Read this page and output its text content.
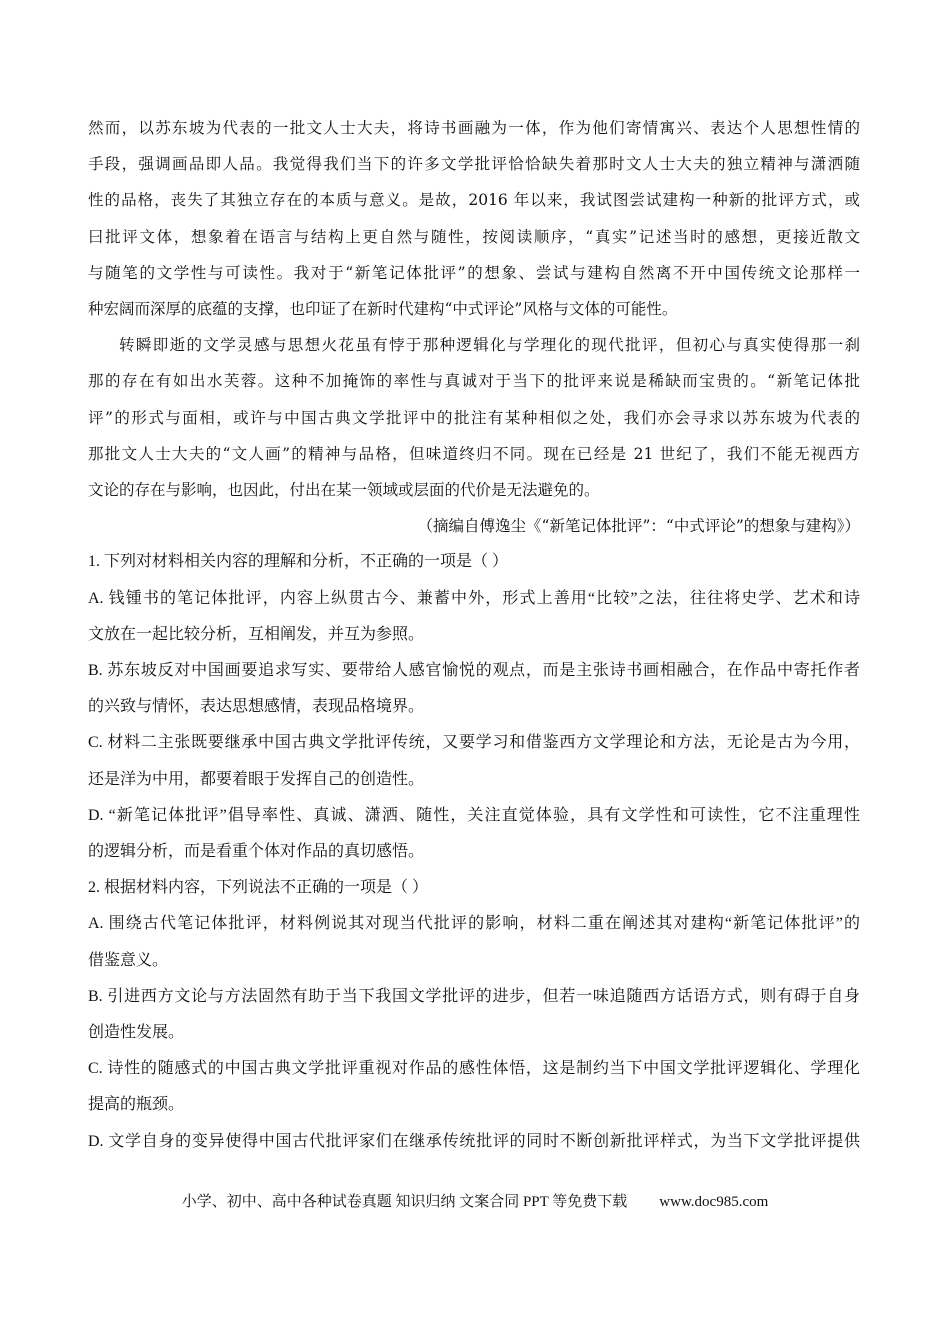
然而，以苏东坡为代表的一批文人士大夫，将诗书画融为一体，作为他们寄情寓兴、表达个人思想性情的
手段，强调画品即人品。我觉得我们当下的许多文学批评恰恰缺失着那时文人士大夫的独立精神与潇洒随
性的品格，丧失了其独立存在的本质与意义。是故，2016 年以来，我试图尝试建构一种新的批评方式，或
曰批评文体，想象着在语言与结构上更自然与随性，按阅读顺序，“真实”记述当时的感想，更接近散文
与随笔的文学性与可读性。我对于“新笔记体批评”的想象、尝试与建构自然离不开中国传统文论那样一
种宏阔而深厚的底蕴的支撑，也印证了在新时代建构“中式评论”风格与文体的可能性。
转瞬即逝的文学灵感与思想火花虽有悖于那种逻辑化与学理化的现代批评，但初心与真实使得那一刹
那的存在有如出水芙蓉。这种不加掩饰的率性与真诚对于当下的批评来说是稀缺而宝贵的。“新笔记体批
评”的形式与面相，或许与中国古典文学批评中的批注有某种相似之处，我们亦会寻求以苏东坡为代表的
那批文人士大夫的“文人画”的精神与品格，但味道终归不同。现在已经是 21 世纪了，我们不能无视西方
文论的存在与影响，也因此，付出在某一领域或层面的代价是无法避免的。
（摘编自傅逸尘《“新笔记体批评”：“中式评论”的想象与建构》）
1. 下列对材料相关内容的理解和分析，不正确的一项是（ ）
A. 钱锺书的笔记体批评，内容上纵贯古今、兼蓄中外，形式上善用“比较”之法，往往将史学、艺术和诗
文放在一起比较分析，互相阐发，并互为参照。
B. 苏东坡反对中国画要追求写实、要带给人感官愉悦的观点，而是主张诗书画相融合，在作品中寄托作者
的兴致与情怀，表达思想感情，表现品格境界。
C. 材料二主张既要继承中国古典文学批评传统，又要学习和借鉴西方文学理论和方法，无论是古为今用，
还是洋为中用，都要着眼于发挥自己的创造性。
D. “新笔记体批评”倡导率性、真诚、潇洒、随性，关注直觉体验，具有文学性和可读性，它不注重理性
的逻辑分析，而是看重个体对作品的真切感悟。
2. 根据材料内容，下列说法不正确的一项是（ ）
A. 围绕古代笔记体批评，材料例说其对现当代批评的影响，材料二重在阐述其对建构“新笔记体批评”的
借鉴意义。
B. 引进西方文论与方法固然有助于当下我国文学批评的进步，但若一味追随西方话语方式，则有碍于自身
创造性发展。
C. 诗性的随感式的中国古典文学批评重视对作品的感性体悟，这是制约当下中国文学批评逻辑化、学理化
提高的瓶颈。
D. 文学自身的变异使得中国古代批评家们在继承传统批评的同时不断创新批评样式，为当下文学批评提供
小学、初中、高中各种试卷真题 知识归纳 文案合同 PPT 等免费下载 www.doc985.com
